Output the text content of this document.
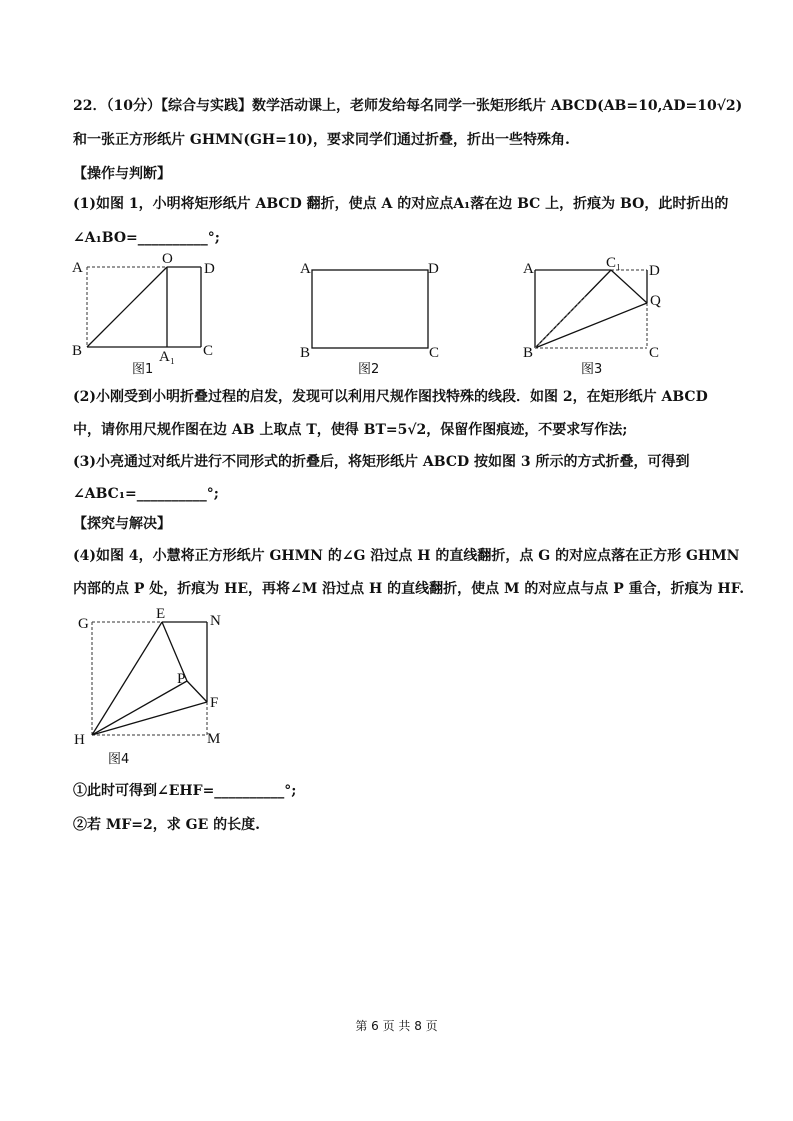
22．（10分）【综合与实践】数学活动课上，老师发给每名同学一张矩形纸片 ABCD(AB=10,AD=10√2)

和一张正方形纸片 GHMN(GH=10)，要求同学们通过折叠，折出一些特殊角.

【操作与判断】

(1)如图 1，小明将矩形纸片 ABCD 翻折，使点 A 的对应点A₁落在边 BC 上，折痕为 BO，此时折出的

∠A₁BO=__________°;

A
O
D
B	A₁ C
图1
A	D
B	C
图2
A	C₁ D
Q
B	C
图3

(2)小刚受到小明折叠过程的启发，发现可以利用尺规作图找特殊的线段．如图 2，在矩形纸片 ABCD

中，请你用尺规作图在边 AB 上取点 T，使得 BT=5√2，保留作图痕迹，不要求写作法;

(3)小亮通过对纸片进行不同形式的折叠后，将矩形纸片 ABCD 按如图 3 所示的方式折叠，可得到

∠ABC₁=__________°;

【探究与解决】

(4)如图 4，小慧将正方形纸片 GHMN 的∠G 沿过点 H 的直线翻折，点 G 的对应点落在正方形 GHMN

内部的点 P 处，折痕为 HE，再将∠M 沿过点 H 的直线翻折，使点 M 的对应点与点 P 重合，折痕为 HF.

G
E	N
P
F
H	M
图4

①此时可得到∠EHF=__________°;

②若 MF=2，求 GE 的长度.

第 6 页 共 8 页
